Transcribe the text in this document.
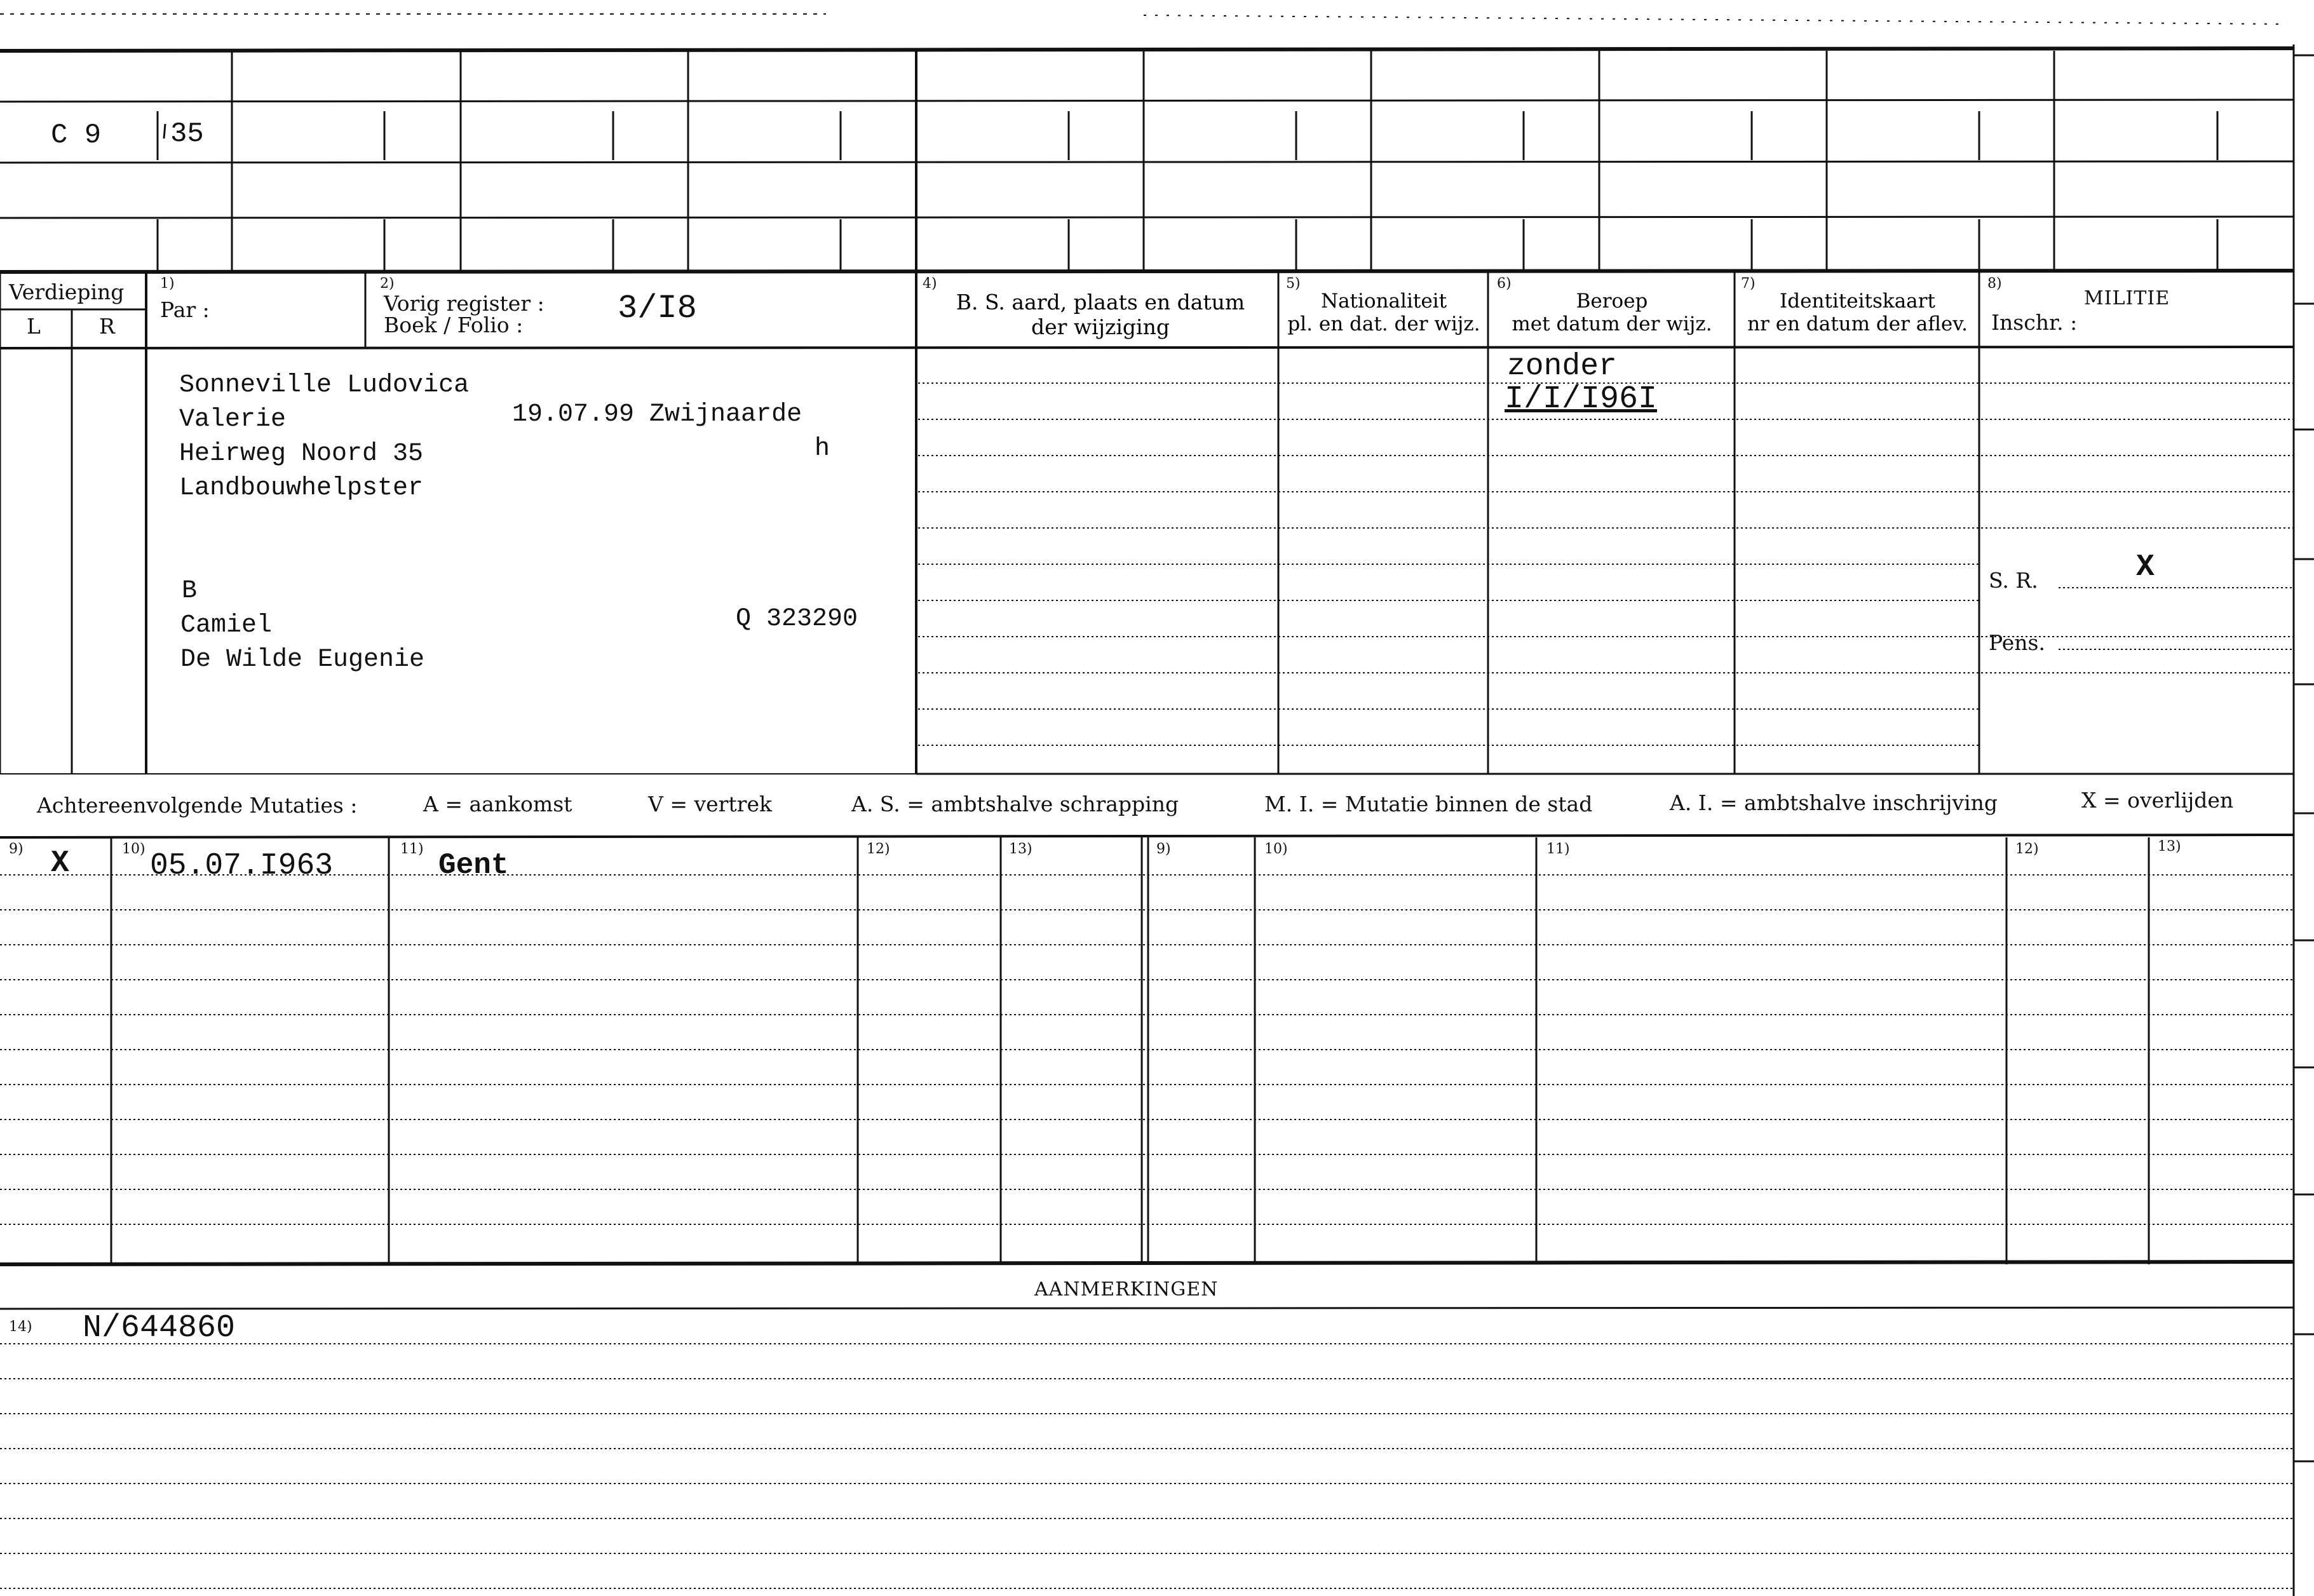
C 9 35
Verdieping
L	R
1)
Par :
2)
Vorig register :
Boek / Folio :	3/I8
4)
B. S. aard, plaats en datum
der wijziging
5)
Nationaliteit
pl. en dat. der wijz.
6)
Beroep
met datum der wijz.
7)
Identiteitskaart
nr en datum der aflev.
8)
MILITIE
Inschr. :
S. R.	X
Pens.
Sonneville Ludovica
Valerie	19.07.99 Zwijnaarde
Heirweg Noord 35	h
Landbouwhelpster
B
Camiel
De Wilde Eugenie
Q 323290
zonder
I/I/I96I
Achtereenvolgende Mutaties :	A = aankomst	V = vertrek	A. S. = ambtshalve schrapping	M. I. = Mutatie binnen de stad	A. I. = ambtshalve inschrijving	X = overlijden
9)	10)	11)	12)	13)	9)	10)	11)	12)	13)
X	05.07.I963	Gent
AANMERKINGEN
14) N/644860
